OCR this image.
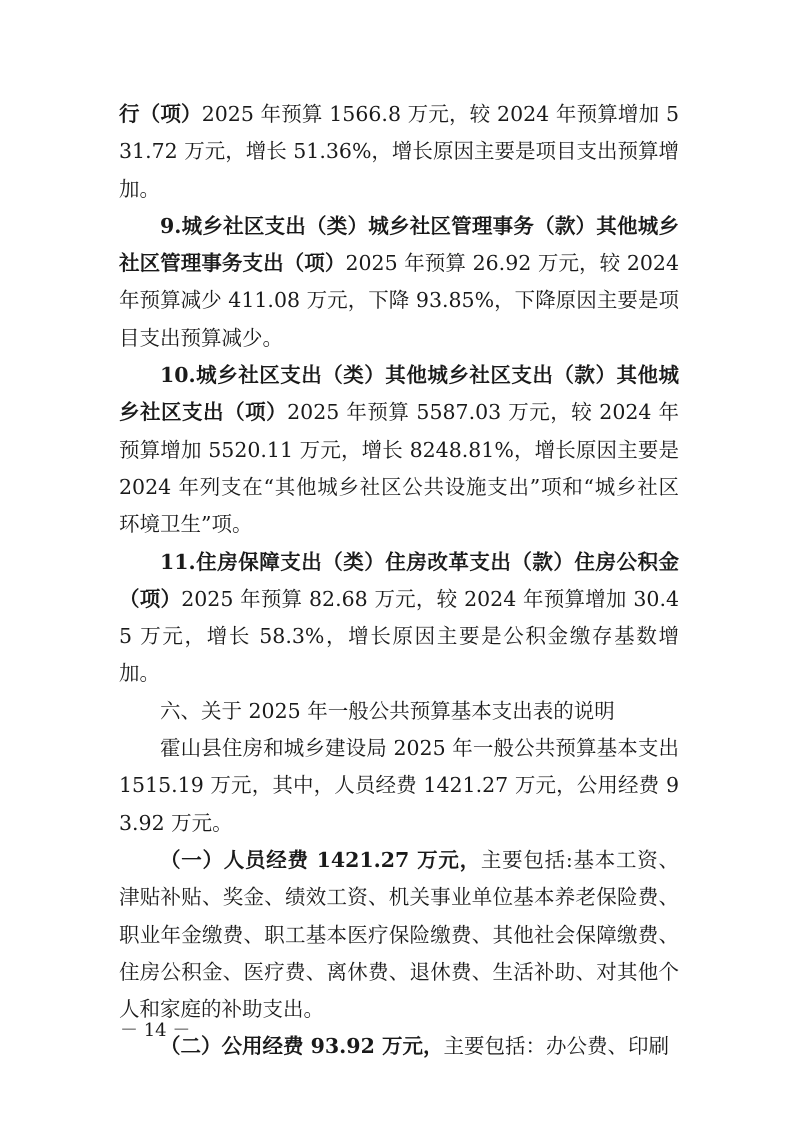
行（项）2025 年预算 1566.8 万元，较 2024 年预算增加 531.72 万元，增长 51.36%，增长原因主要是项目支出预算增加。

9.城乡社区支出（类）城乡社区管理事务（款）其他城乡社区管理事务支出（项）2025 年预算 26.92 万元，较 2024 年预算减少 411.08 万元，下降 93.85%，下降原因主要是项目支出预算减少。

10.城乡社区支出（类）其他城乡社区支出（款）其他城乡社区支出（项）2025 年预算 5587.03 万元，较 2024 年预算增加 5520.11 万元，增长 8248.81%，增长原因主要是 2024 年列支在“其他城乡社区公共设施支出”项和“城乡社区环境卫生”项。

11.住房保障支出（类）住房改革支出（款）住房公积金（项）2025 年预算 82.68 万元，较 2024 年预算增加 30.45 万元，增长 58.3%，增长原因主要是公积金缴存基数增加。

六、关于 2025 年一般公共预算基本支出表的说明

霍山县住房和城乡建设局 2025 年一般公共预算基本支出 1515.19 万元，其中，人员经费 1421.27 万元，公用经费 93.92 万元。

（一）人员经费 1421.27 万元，主要包括:基本工资、津贴补贴、奖金、绩效工资、机关事业单位基本养老保险费、职业年金缴费、职工基本医疗保险缴费、其他社会保障缴费、住房公积金、医疗费、离休费、退休费、生活补助、对其他个人和家庭的补助支出。

（二）公用经费 93.92 万元，主要包括：办公费、印刷

－ 14 －
